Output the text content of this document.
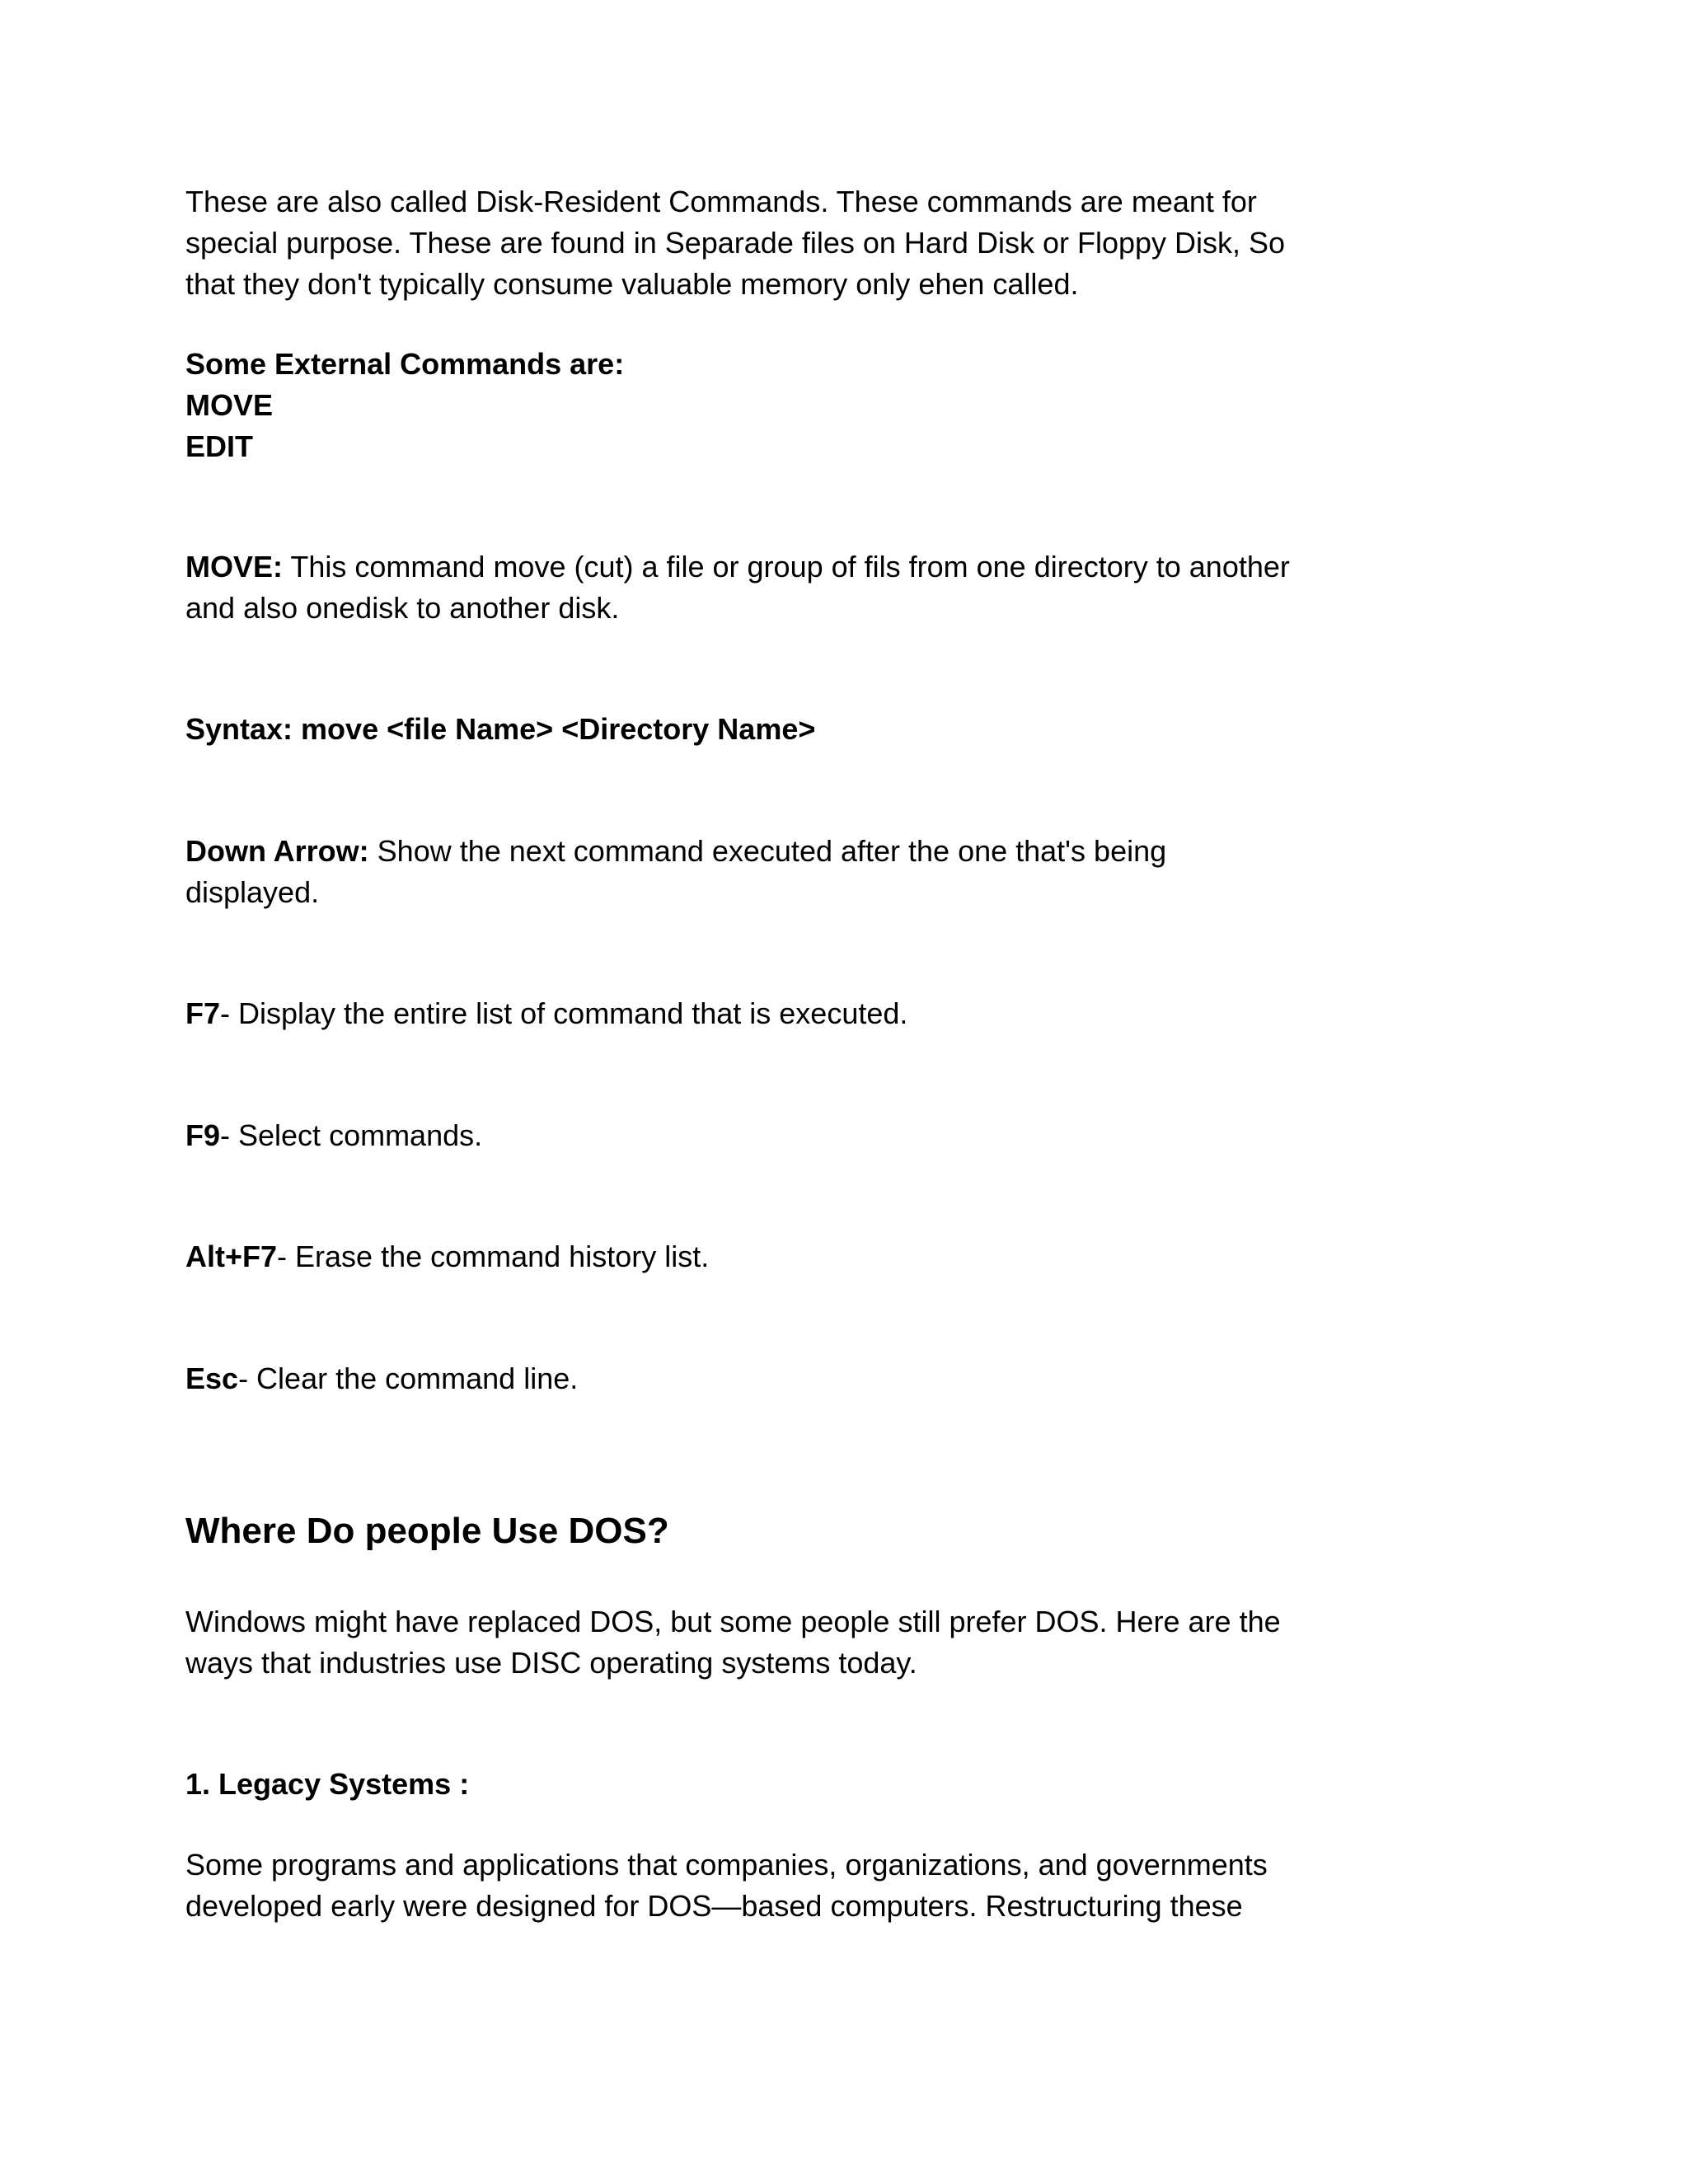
These are also called Disk-Resident Commands. These commands are meant for
special purpose. These are found in Separade files on Hard Disk or Floppy Disk, So
that they don't typically consume valuable memory only ehen called.

Some External Commands are:
MOVE
EDIT

MOVE: This command move (cut) a file or group of fils from one directory to another
and also onedisk to another disk.

Syntax: move <file Name> <Directory Name>

Down Arrow: Show the next command executed after the one that's being
displayed.

F7- Display the entire list of command that is executed.

F9- Select commands.

Alt+F7- Erase the command history list.

Esc- Clear the command line.

Where Do people Use DOS?

Windows might have replaced DOS, but some people still prefer DOS. Here are the
ways that industries use DISC operating systems today.

1. Legacy Systems :

Some programs and applications that companies, organizations, and governments
developed early were designed for DOS—based computers. Restructuring these
